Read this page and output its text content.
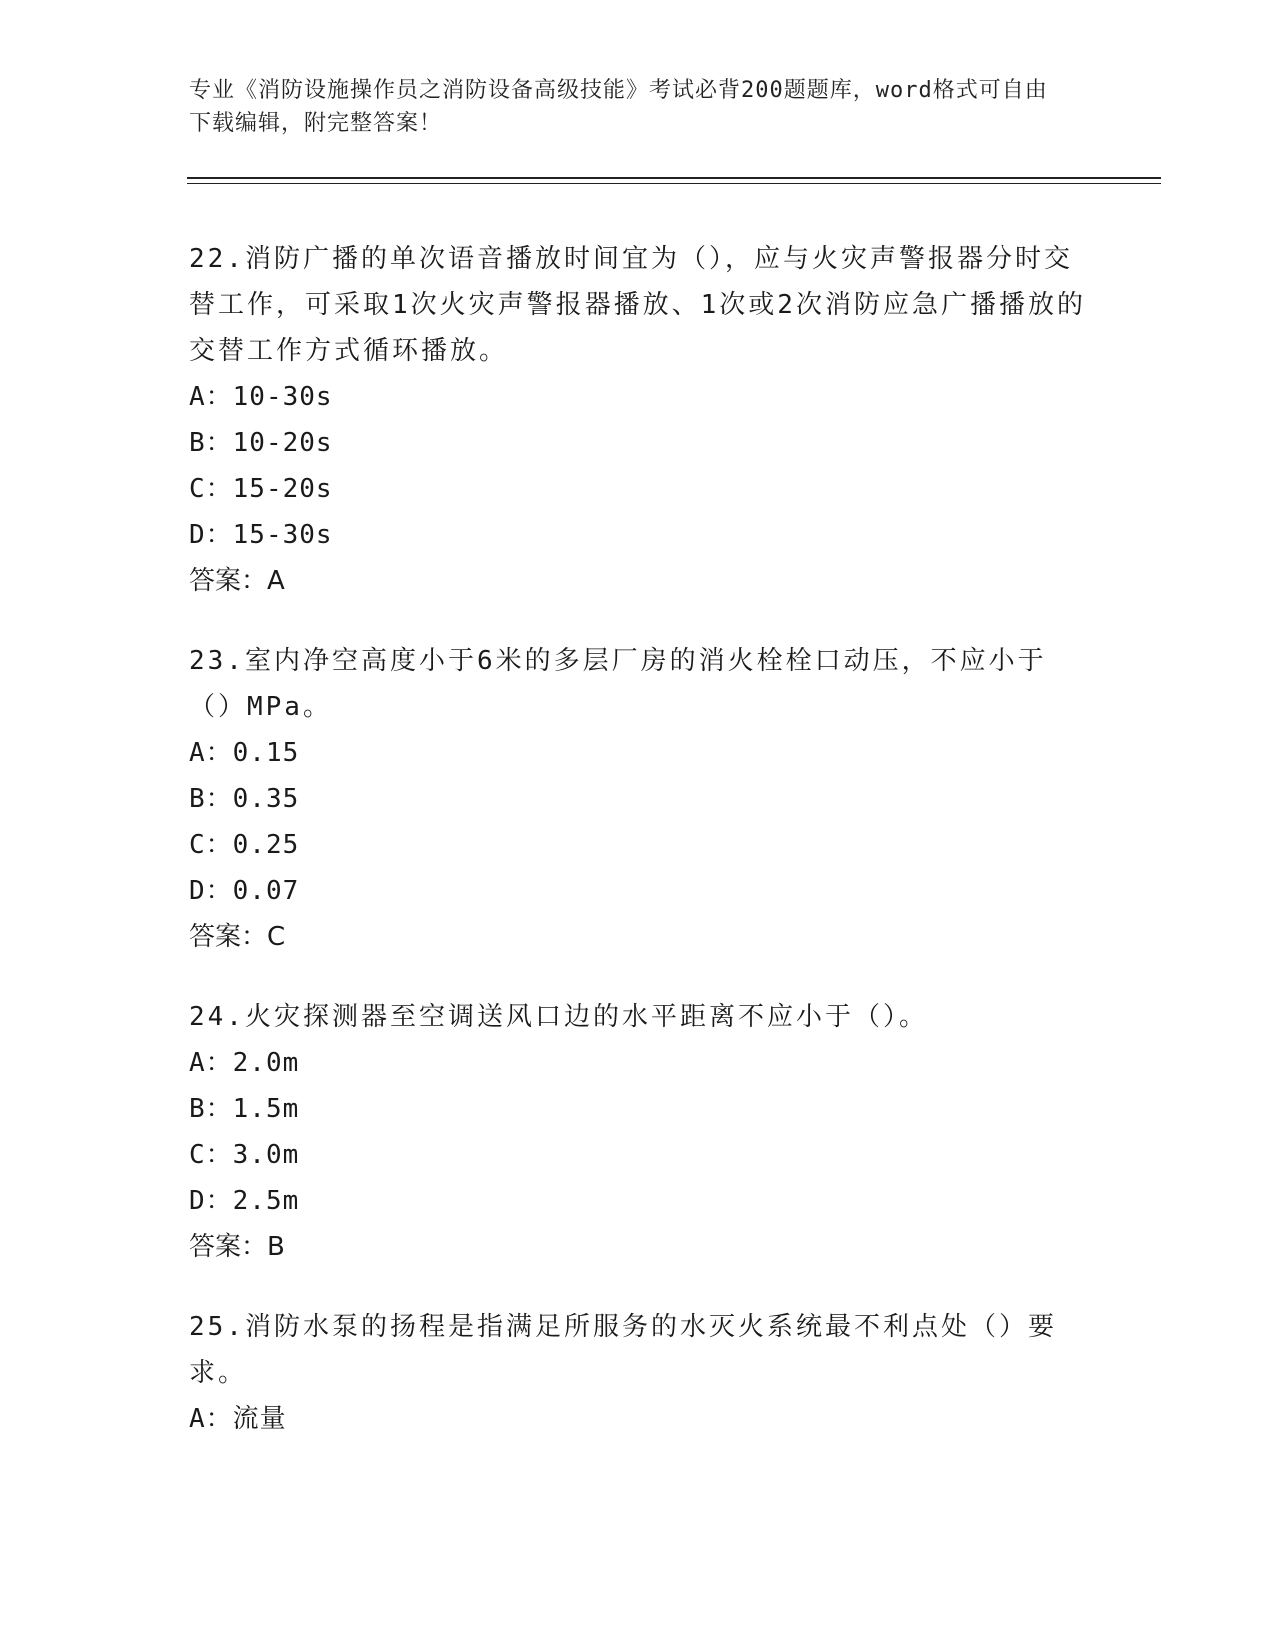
专业《消防设施操作员之消防设备高级技能》考试必背200题题库，word格式可自由下载编辑，附完整答案！

22.消防广播的单次语音播放时间宜为（），应与火灾声警报器分时交替工作，可采取1次火灾声警报器播放、1次或2次消防应急广播播放的交替工作方式循环播放。

A：10-30s

B：10-20s

C：15-20s

D：15-30s

答案：A

23.室内净空高度小于6米的多层厂房的消火栓栓口动压，不应小于（）MPa。

A：0.15

B：0.35

C：0.25

D：0.07

答案：C

24.火灾探测器至空调送风口边的水平距离不应小于（）。

A：2.0m

B：1.5m

C：3.0m

D：2.5m

答案：B

25.消防水泵的扬程是指满足所服务的水灭火系统最不利点处（）要求。

A：流量
